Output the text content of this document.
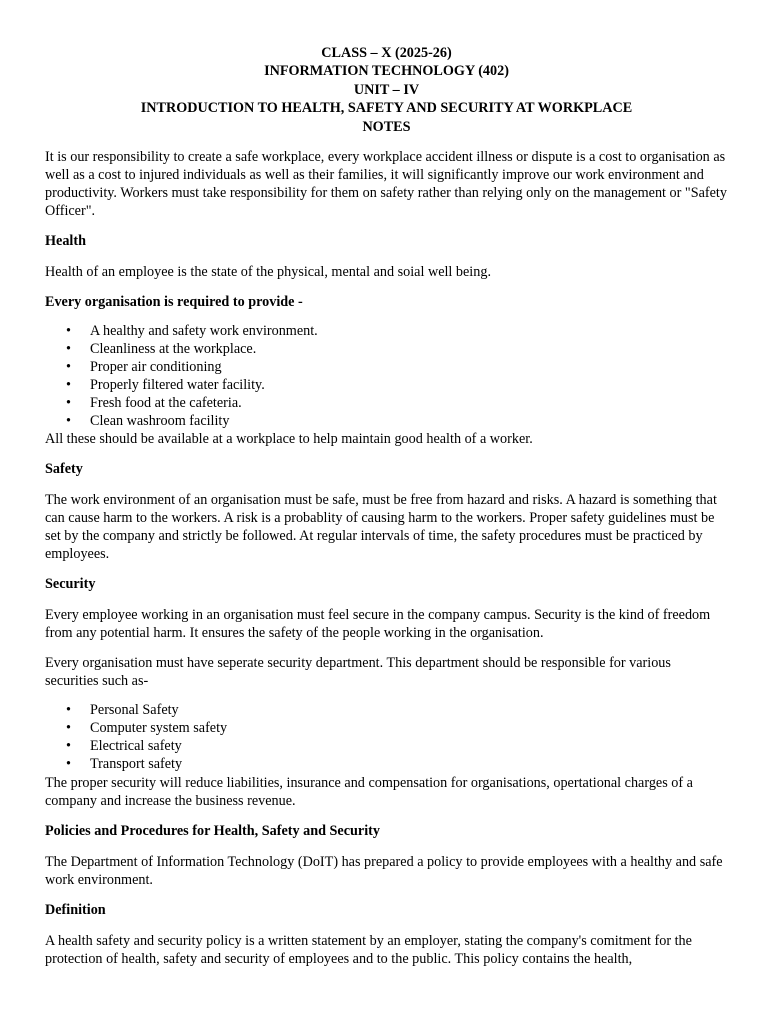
CLASS – X (2025-26)
INFORMATION TECHNOLOGY (402)
UNIT – IV
INTRODUCTION TO HEALTH, SAFETY AND SECURITY AT WORKPLACE
NOTES

It is our responsibility to create a safe workplace, every workplace accident illness or dispute is a cost to organisation as well as a cost to injured individuals as well as their families, it will significantly improve our work environment and productivity. Workers must take responsibility for them on safety rather than relying only on the management or "Safety Officer".

Health

Health of an employee is the state of the physical, mental and soial well being.

Every organisation is required to provide -
• A healthy and safety work environment.
• Cleanliness at the workplace.
• Proper air conditioning
• Properly filtered water facility.
• Fresh food at the cafeteria.
• Clean washroom facility

All these should be available at a workplace to help maintain good health of a worker.

Safety

The work environment of an organisation must be safe, must be free from hazard and risks. A hazard is something that can cause harm to the workers. A risk is a probablity of causing harm to the workers. Proper safety guidelines must be set by the company and strictly be followed. At regular intervals of time, the safety procedures must be practiced by employees.

Security

Every employee working in an organisation must feel secure in the company campus. Security is the kind of freedom from any potential harm. It ensures the safety of the people working in the organisation.

Every organisation must have seperate security department. This department should be responsible for various securities such as-

• Personal Safety
• Computer system safety
• Electrical safety
• Transport safety

The proper security will reduce liabilities, insurance and compensation for organisations, opertational charges of a company and increase the business revenue.

Policies and Procedures for Health, Safety and Security

The Department of Information Technology (DoIT) has prepared a policy to provide employees with a healthy and safe work environment.

Definition

A health safety and security policy is a written statement by an employer, stating the company's comitment for the protection of health, safety and security of employees and to the public. This policy contains the health,
